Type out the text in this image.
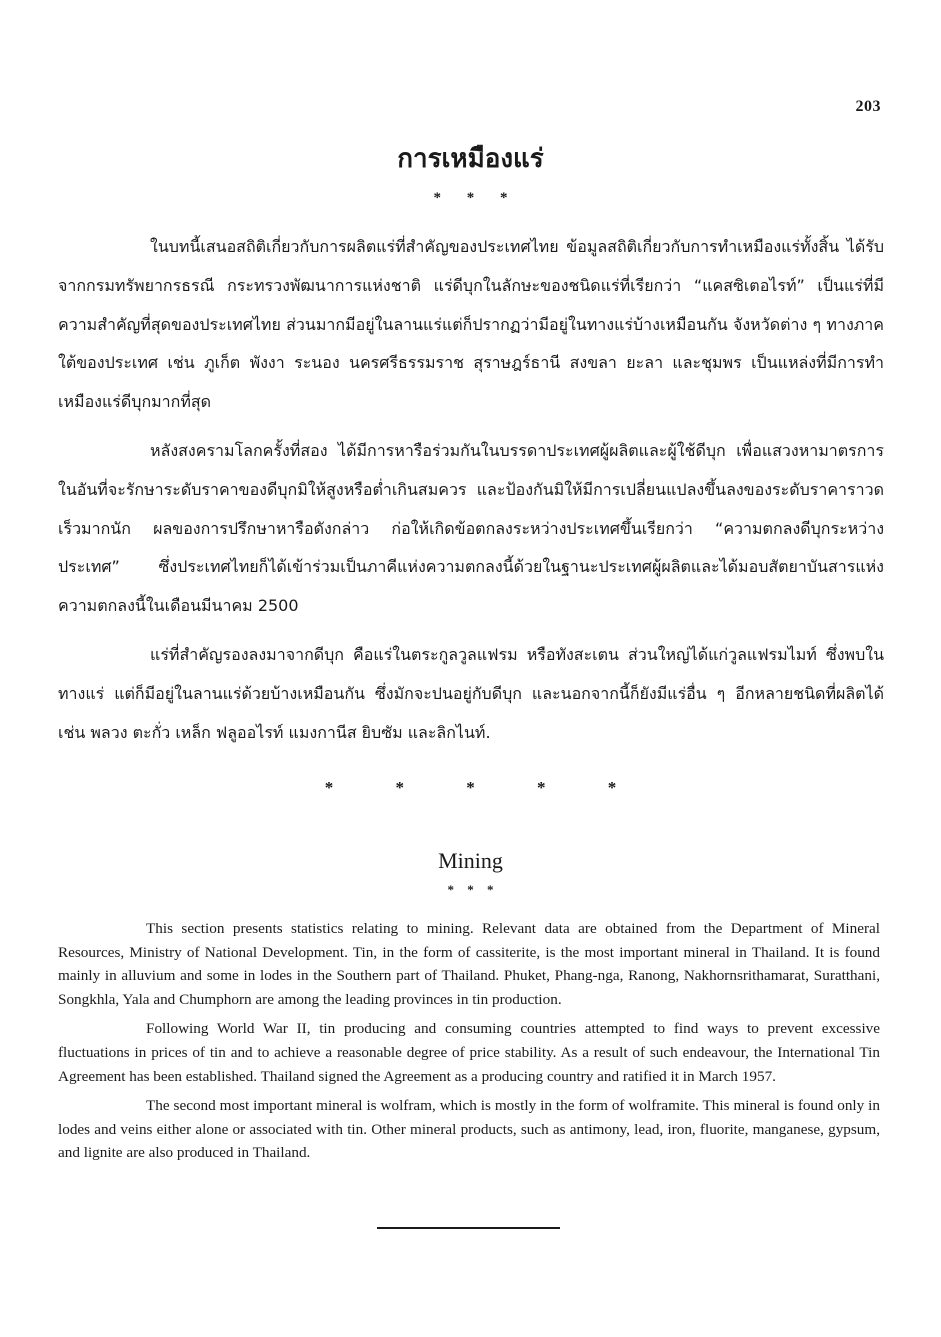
203
การเหมืองแร่
* * *

ในบทนี้เสนอสถิติเกี่ยวกับการผลิตแร่ที่สำคัญของประเทศไทย ข้อมูลสถิติเกี่ยวกับการทำเหมืองแร่ทั้งสิ้น ได้รับจากกรมทรัพยากรธรณี กระทรวงพัฒนาการแห่งชาติ แร่ดีบุกในลักษะของชนิดแร่ที่เรียกว่า “แคสซิเตอไรท์” เป็นแร่ที่มีความสำคัญที่สุดของประเทศไทย ส่วนมากมีอยู่ในลานแร่แต่ก็ปรากฏว่ามีอยู่ในทางแร่บ้างเหมือนกัน จังหวัดต่าง ๆ ทางภาคใต้ของประเทศ เช่น ภูเก็ต พังงา ระนอง นครศรีธรรมราช สุราษฎร์ธานี สงขลา ยะลา และชุมพร เป็นแหล่งที่มีการทำเหมืองแร่ดีบุกมากที่สุด

หลังสงครามโลกครั้งที่สอง ได้มีการหารือร่วมกันในบรรดาประเทศผู้ผลิตและผู้ใช้ดีบุก เพื่อแสวงหามาตรการในอันที่จะรักษาระดับราคาของดีบุกมิให้สูงหรือต่ำเกินสมควร และป้องกันมิให้มีการเปลี่ยนแปลงขึ้นลงของระดับราคาราวดเร็วมากนัก ผลของการปรึกษาหารือดังกล่าว ก่อให้เกิดข้อตกลงระหว่างประเทศขึ้นเรียกว่า “ความตกลงดีบุกระหว่างประเทศ” ซึ่งประเทศไทยก็ได้เข้าร่วมเป็นภาคีแห่งความตกลงนี้ด้วยในฐานะประเทศผู้ผลิตและได้มอบสัตยาบันสารแห่งความตกลงนี้ในเดือนมีนาคม 2500

แร่ที่สำคัญรองลงมาจากดีบุก คือแร่ในตระกูลวูลแฟรม หรือทังสะเตน ส่วนใหญ่ได้แก่วูลแฟรมไมท์ ซึ่งพบในทางแร่ แต่ก็มีอยู่ในลานแร่ด้วยบ้างเหมือนกัน ซึ่งมักจะปนอยู่กับดีบุก และนอกจากนี้ก็ยังมีแร่อื่น ๆ อีกหลายชนิดที่ผลิตได้ เช่น พลวง ตะกั่ว เหล็ก ฟลูออไรท์ แมงกานีส ยิบซัม และลิกไนท์.

* * * * *
Mining
* * *

This section presents statistics relating to mining. Relevant data are obtained from the Department of Mineral Resources, Ministry of National Development. Tin, in the form of cassiterite, is the most important mineral in Thailand. It is found mainly in alluvium and some in lodes in the Southern part of Thailand. Phuket, Phang-nga, Ranong, Nakhornsrithamarat, Suratthani, Songkhla, Yala and Chumphorn are among the leading provinces in tin production.

Following World War II, tin producing and consuming countries attempted to find ways to prevent excessive fluctuations in prices of tin and to achieve a reasonable degree of price stability. As a result of such endeavour, the International Tin Agreement has been established. Thailand signed the Agreement as a producing country and ratified it in March 1957.

The second most important mineral is wolfram, which is mostly in the form of wolframite. This mineral is found only in lodes and veins either alone or associated with tin. Other mineral products, such as antimony, lead, iron, fluorite, manganese, gypsum, and lignite are also produced in Thailand.
